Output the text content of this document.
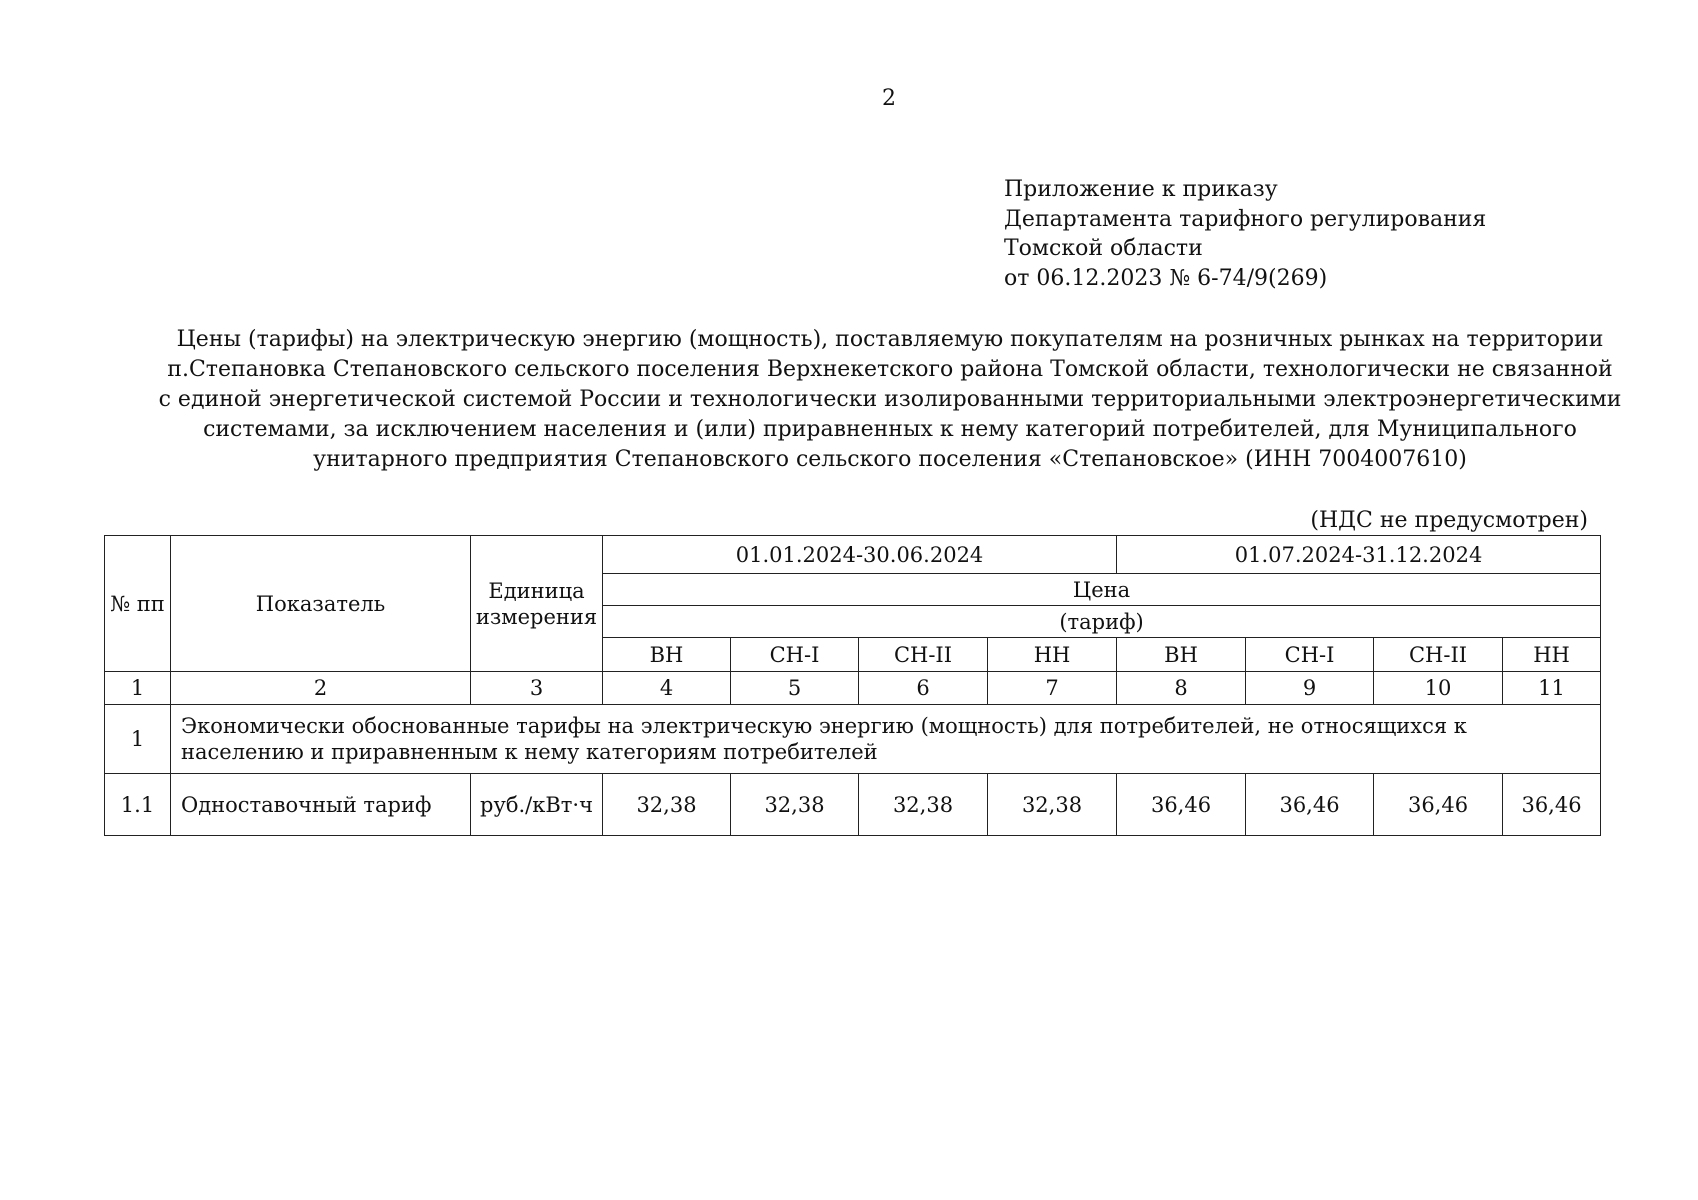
2
Приложение к приказу
Департамента тарифного регулирования
Томской области
от 06.12.2023 № 6-74/9(269)
Цены (тарифы) на электрическую энергию (мощность), поставляемую покупателям на розничных рынках на территории
п.Степановка Степановского сельского поселения Верхнекетского района Томской области, технологически не связанной
с единой энергетической системой России и технологически изолированными территориальными электроэнергетическими
системами, за исключением населения и (или) приравненных к нему категорий потребителей, для Муниципального
унитарного предприятия Степановского сельского поселения «Степановское» (ИНН 7004007610)
(НДС не предусмотрен)
№ пп	Показатель	Единица измерения	01.01.2024-30.06.2024				01.07.2024-31.12.2024			
			Цена							
			(тариф)							
			ВН	СН-I	СН-II	НН	ВН	СН-I	СН-II	НН
1	2	3	4	5	6	7	8	9	10	11
1	Экономически обоснованные тарифы на электрическую энергию (мощность) для потребителей, не относящихся к населению и приравненным к нему категориям потребителей									
1.1	Одноставочный тариф	руб./кВт·ч	32,38	32,38	32,38	32,38	36,46	36,46	36,46	36,46
